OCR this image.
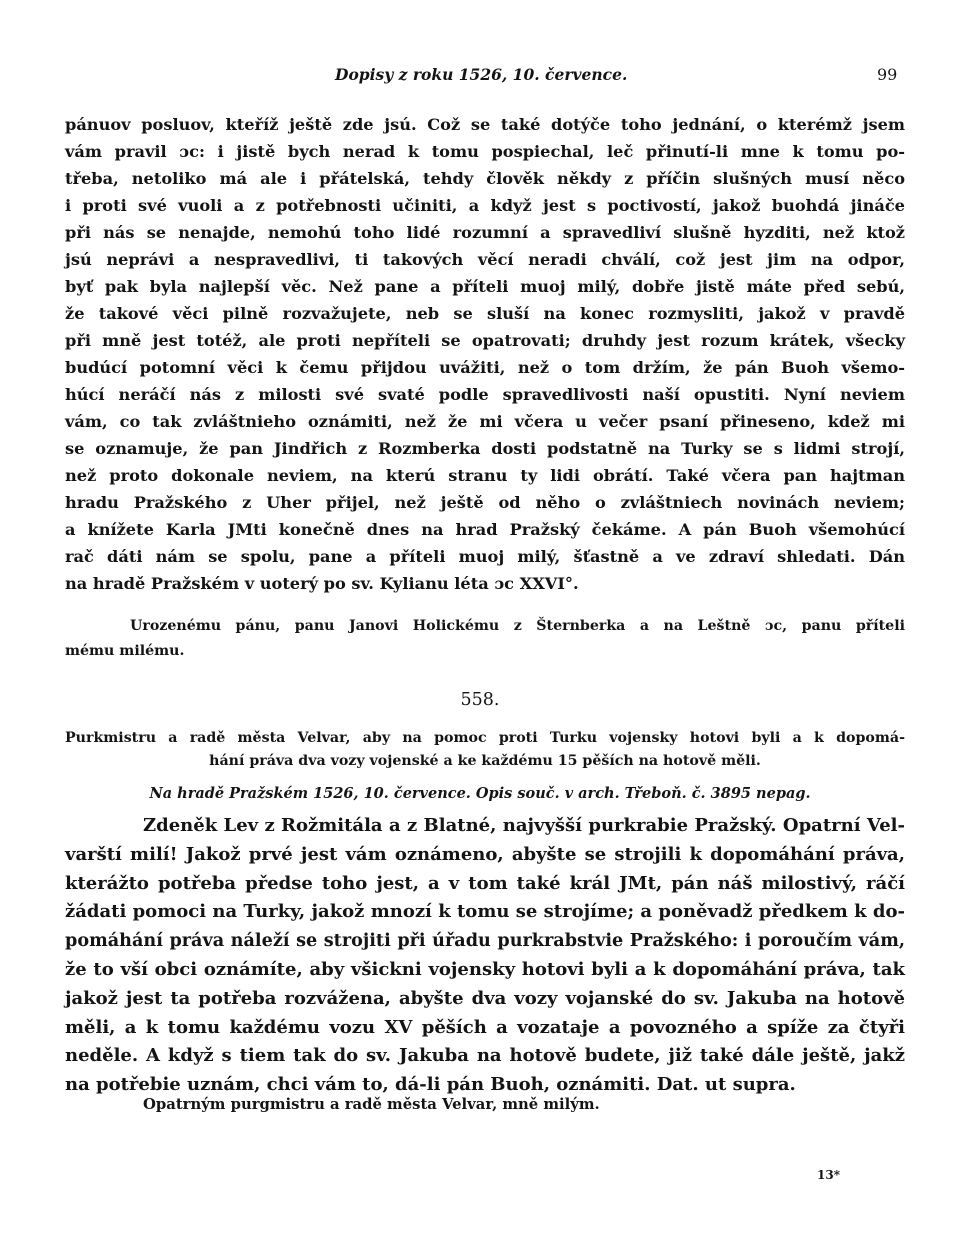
Dopisy z roku 1526, 10. července.	99
pánuov posluov, kteříž ještě zde jsú. Což se také dotýče toho jednání, o kterémž jsem
vám pravil ɔc: i jistě bych nerad k tomu pospiechal, leč přinutí-li mne k tomu po-
třeba, netoliko má ale i přátelská, tehdy člověk někdy z příčin slušných musí něco
i proti své vuoli a z potřebnosti učiniti, a když jest s poctivostí, jakož buohdá jináče
při nás se nenajde, nemohú toho lidé rozumní a spravedliví slušně hyzditi, než ktož
jsú neprávi a nespravedlivi, ti takových věcí neradi chválí, což jest jim na odpor,
byť pak byla najlepší věc. Než pane a příteli muoj milý, dobře jistě máte před sebú,
že takové věci pilně rozvažujete, neb se sluší na konec rozmysliti, jakož v pravdě
při mně jest totéž, ale proti nepříteli se opatrovati; druhdy jest rozum krátek, všecky
budúcí potomní věci k čemu přijdou uvážiti, než o tom držím, že pán Buoh všemo-
húcí neráčí nás z milosti své svaté podle spravedlivosti naší opustiti. Nyní neviem
vám, co tak zvláštnieho oznámiti, než že mi včera u večer psaní přineseno, kdež mi
se oznamuje, že pan Jindřich z Rozmberka dosti podstatně na Turky se s lidmi strojí,
než proto dokonale neviem, na kterú stranu ty lidi obrátí. Také včera pan hajtman
hradu Pražského z Uher přijel, než ještě od něho o zvláštniech novinách neviem;
a knížete Karla JMti konečně dnes na hrad Pražský čekáme. A pán Buoh všemohúcí
rač dáti nám se spolu, pane a příteli muoj milý, šťastně a ve zdraví shledati. Dán
na hradě Pražském v uoterý po sv. Kylianu léta ɔc XXVI°.
Urozenému pánu, panu Janovi Holickému z Šternberka a na Leštně ɔc, panu příteli
mému milému.
558.
Purkmistru a radě města Velvar, aby na pomoc proti Turku vojensky hotovi byli a k dopomá-
hání práva dva vozy vojenské a ke každému 15 pěších na hotově měli.
Na hradě Pražském 1526, 10. července. Opis souč. v arch. Třeboň. č. 3895 nepag.
Zdeněk Lev z Rožmitála a z Blatné, najvyšší purkrabie Pražský. Opatrní Vel-
varští milí! Jakož prvé jest vám oznámeno, abyšte se strojili k dopomáhání práva,
kterážto potřeba předse toho jest, a v tom také král JMt, pán náš milostivý, ráčí
žádati pomoci na Turky, jakož mnozí k tomu se strojíme; a poněvadž předkem k do-
pomáhání práva náleží se strojiti při úřadu purkrabstvie Pražského: i poroučím vám,
že to vší obci oznámíte, aby všickni vojensky hotovi byli a k dopomáhání práva, tak
jakož jest ta potřeba rozvážena, abyšte dva vozy vojanské do sv. Jakuba na hotově
měli, a k tomu každému vozu XV pěších a vozataje a povozného a spíže za čtyři
neděle. A když s tiem tak do sv. Jakuba na hotově budete, již také dále ještě, jakž
na potřebie uznám, chci vám to, dá-li pán Buoh, oznámiti. Dat. ut supra.
Opatrným purgmistru a radě města Velvar, mně milým.
13*
